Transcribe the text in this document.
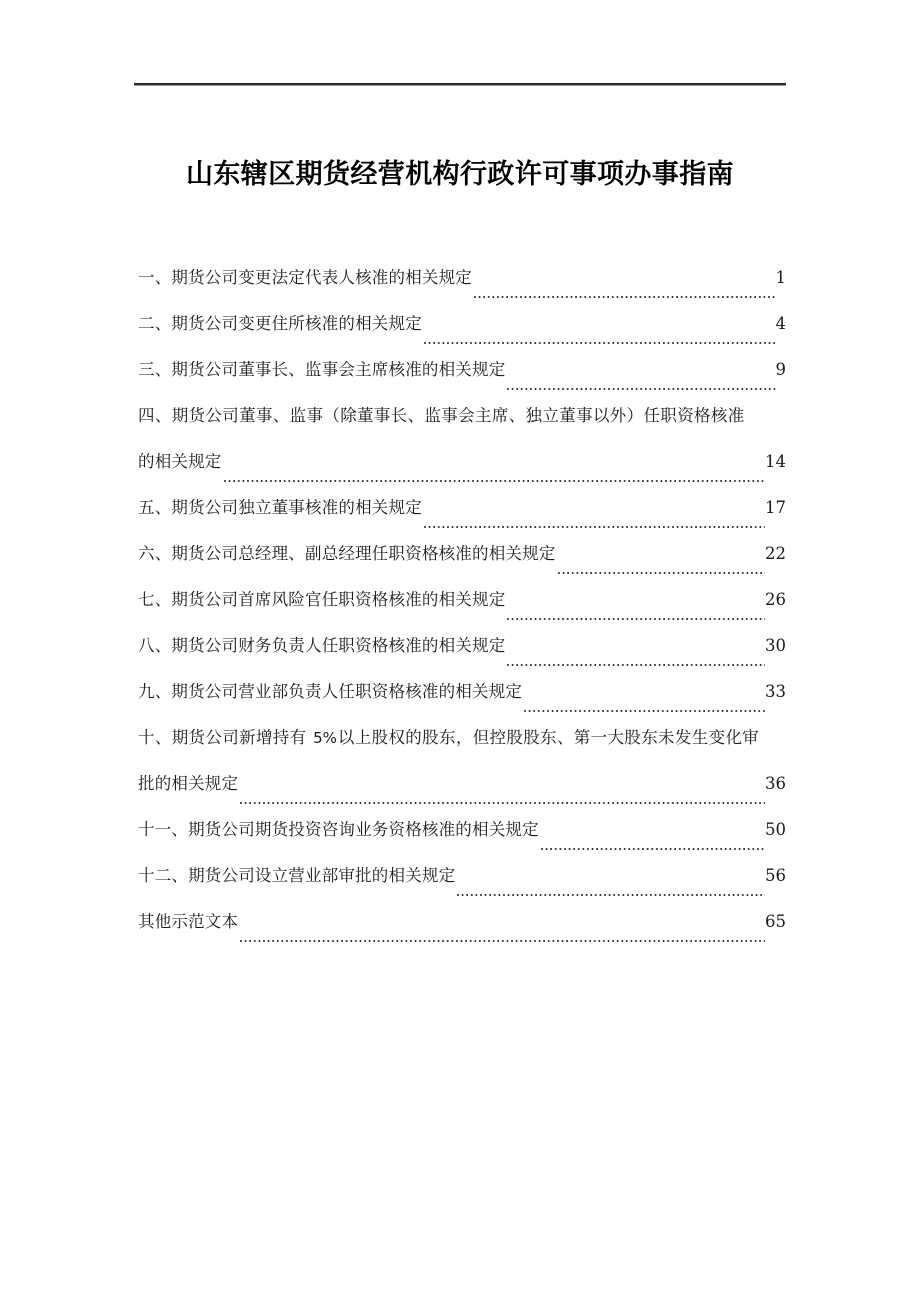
山东辖区期货经营机构行政许可事项办事指南
一、期货公司变更法定代表人核准的相关规定	1
二、期货公司变更住所核准的相关规定	4
三、期货公司董事长、监事会主席核准的相关规定	9
四、期货公司董事、监事（除董事长、监事会主席、独立董事以外）任职资格核准
的相关规定	14
五、期货公司独立董事核准的相关规定	17
六、期货公司总经理、副总经理任职资格核准的相关规定	22
七、期货公司首席风险官任职资格核准的相关规定	26
八、期货公司财务负责人任职资格核准的相关规定	30
九、期货公司营业部负责人任职资格核准的相关规定	33
十、期货公司新增持有 5%以上股权的股东，但控股股东、第一大股东未发生变化审
批的相关规定	36
十一、期货公司期货投资咨询业务资格核准的相关规定	50
十二、期货公司设立营业部审批的相关规定	56
其他示范文本	65
